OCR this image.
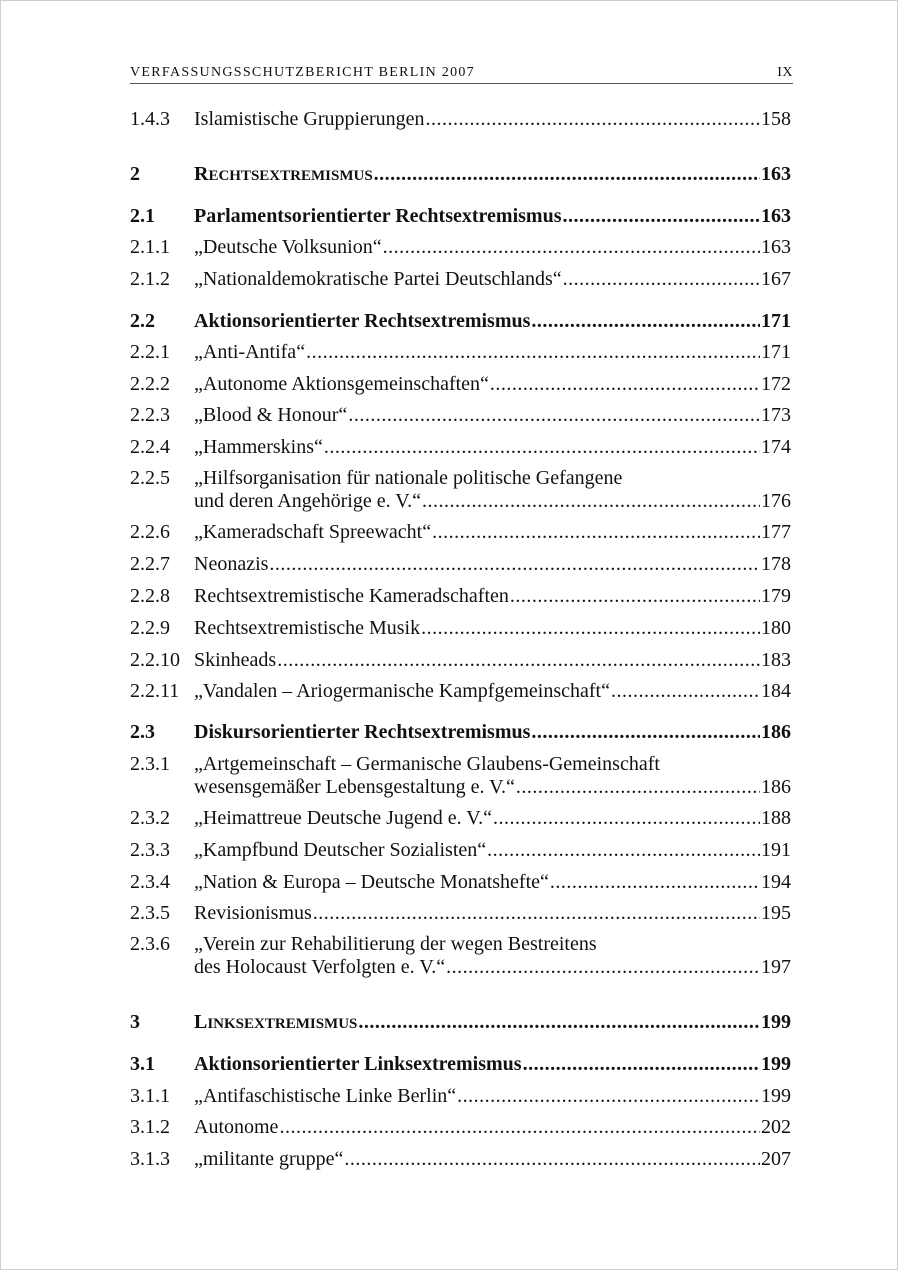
VERFASSUNGSSCHUTZBERICHT BERLIN 2007	IX
1.4.3 Islamistische Gruppierungen .....	158
2	RECHTSEXTREMISMUS .....	163
2.1 Parlamentsorientierter Rechtsextremismus .....	163
2.1.1 „Deutsche Volksunion“ .....	163
2.1.2 „Nationaldemokratische Partei Deutschlands“ .....	167
2.2 Aktionsorientierter Rechtsextremismus .....	171
2.2.1 „Anti-Antifa“ .....	171
2.2.2 „Autonome Aktionsgemeinschaften“ .....	172
2.2.3 „Blood & Honour“ .....	173
2.2.4 „Hammerskins“ .....	174
2.2.5 „Hilfsorganisation für nationale politische Gefangene
und deren Angehörige e. V.“ .....	176
2.2.6 „Kameradschaft Spreewacht“ .....	177
2.2.7 Neonazis .....	178
2.2.8 Rechtsextremistische Kameradschaften .....	179
2.2.9 Rechtsextremistische Musik .....	180
2.2.10 Skinheads .....	183
2.2.11 „Vandalen – Ariogermanische Kampfgemeinschaft“ .....	184
2.3 Diskursorientierter Rechtsextremismus .....	186
2.3.1 „Artgemeinschaft – Germanische Glaubens-Gemeinschaft
wesensgemäßer Lebensgestaltung e. V.“ .....	186
2.3.2 „Heimattreue Deutsche Jugend e. V.“ .....	188
2.3.3 „Kampfbund Deutscher Sozialisten“ .....	191
2.3.4 „Nation & Europa – Deutsche Monatshefte“ .....	194
2.3.5 Revisionismus .....	195
2.3.6 „Verein zur Rehabilitierung der wegen Bestreitens
des Holocaust Verfolgten e. V.“ .....	197
3	LINKSEXTREMISMUS .....	199
3.1 Aktionsorientierter Linksextremismus .....	199
3.1.1 „Antifaschistische Linke Berlin“ .....	199
3.1.2 Autonome .....	202
3.1.3 „militante gruppe“ .....	207
